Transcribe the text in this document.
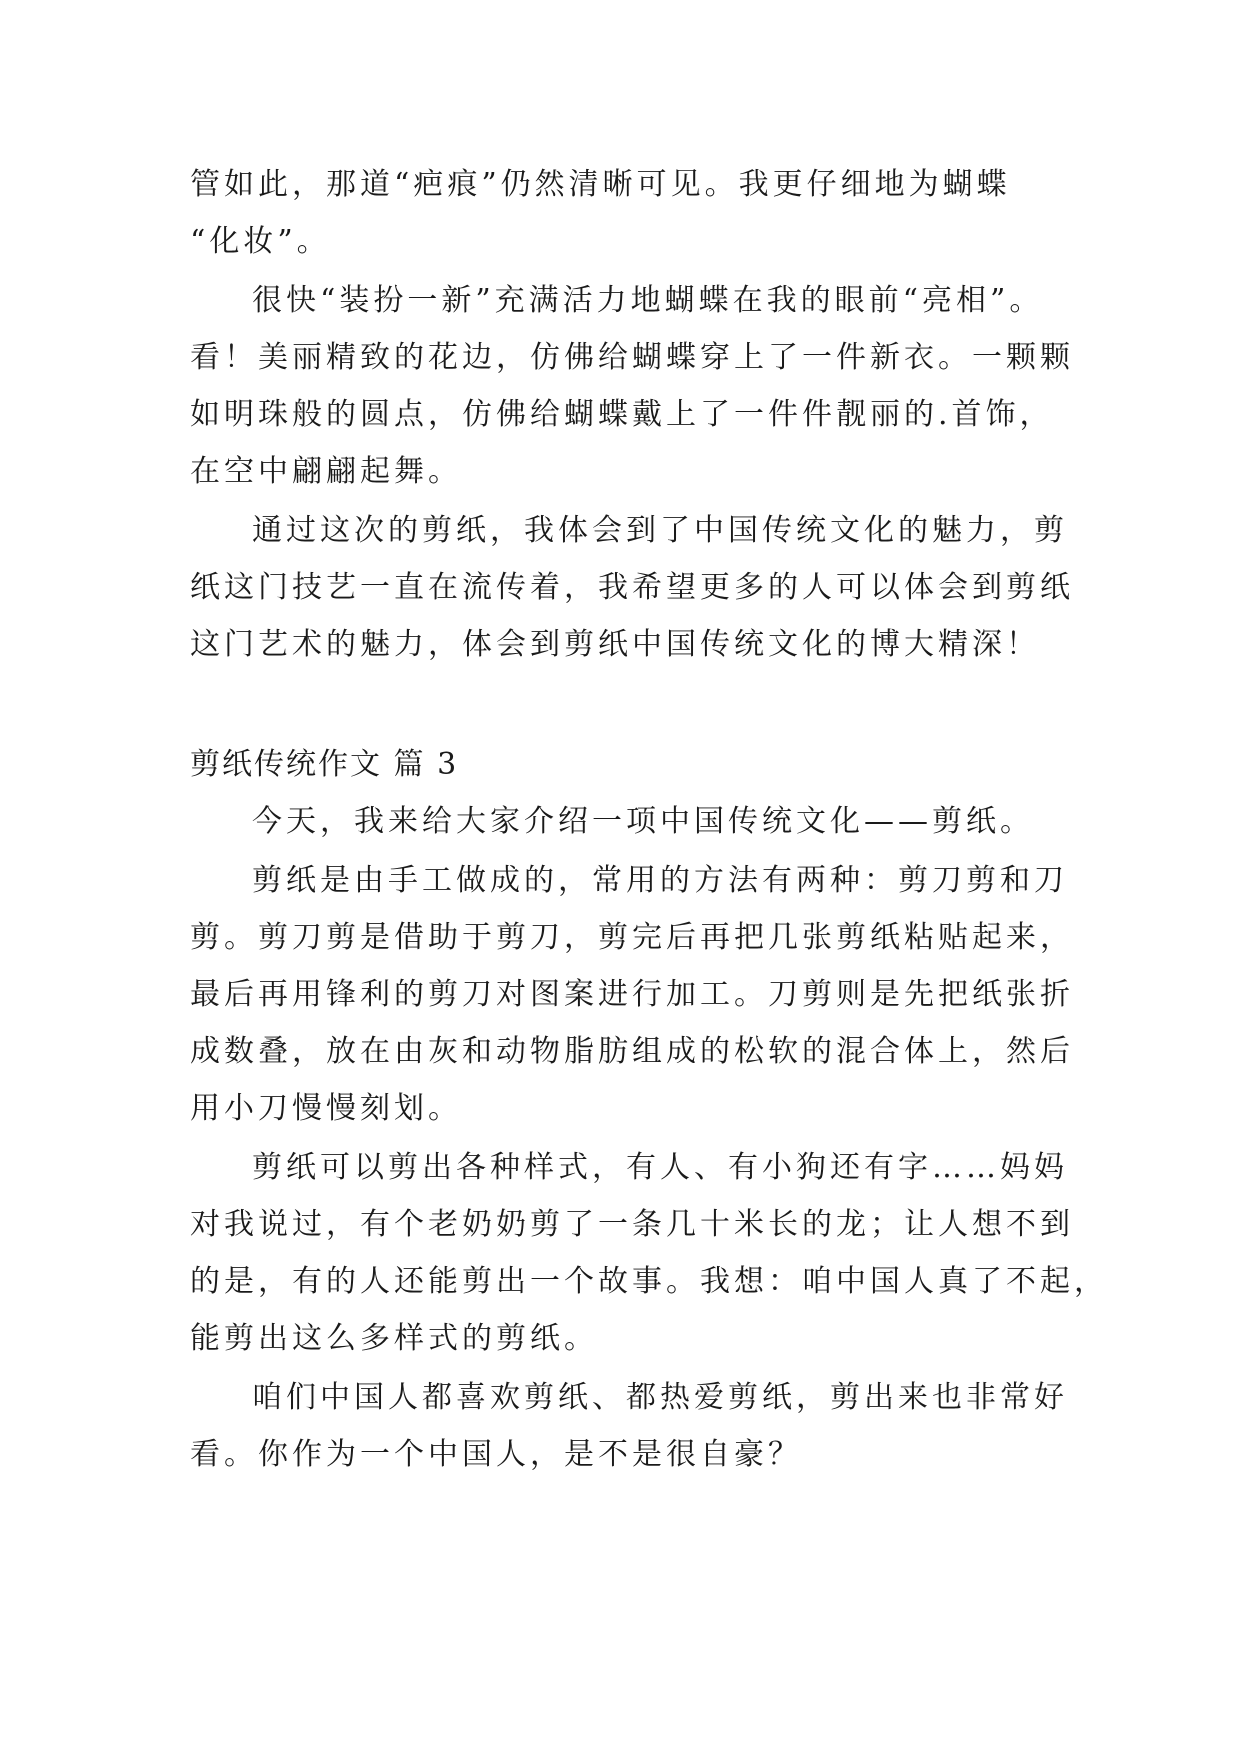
管如此，那道“疤痕”仍然清晰可见。我更仔细地为蝴蝶
“化妆”。
很快“装扮一新”充满活力地蝴蝶在我的眼前“亮相”。
看！美丽精致的花边，仿佛给蝴蝶穿上了一件新衣。一颗颗
如明珠般的圆点，仿佛给蝴蝶戴上了一件件靓丽的.首饰，
在空中翩翩起舞。
通过这次的剪纸，我体会到了中国传统文化的魅力，剪
纸这门技艺一直在流传着，我希望更多的人可以体会到剪纸
这门艺术的魅力，体会到剪纸中国传统文化的博大精深！
剪纸传统作文 篇 3
今天，我来给大家介绍一项中国传统文化——剪纸。
剪纸是由手工做成的，常用的方法有两种：剪刀剪和刀
剪。剪刀剪是借助于剪刀，剪完后再把几张剪纸粘贴起来，
最后再用锋利的剪刀对图案进行加工。刀剪则是先把纸张折
成数叠，放在由灰和动物脂肪组成的松软的混合体上，然后
用小刀慢慢刻划。
剪纸可以剪出各种样式，有人、有小狗还有字……妈妈
对我说过，有个老奶奶剪了一条几十米长的龙；让人想不到
的是，有的人还能剪出一个故事。我想：咱中国人真了不起，
能剪出这么多样式的剪纸。
咱们中国人都喜欢剪纸、都热爱剪纸，剪出来也非常好
看。你作为一个中国人，是不是很自豪？
